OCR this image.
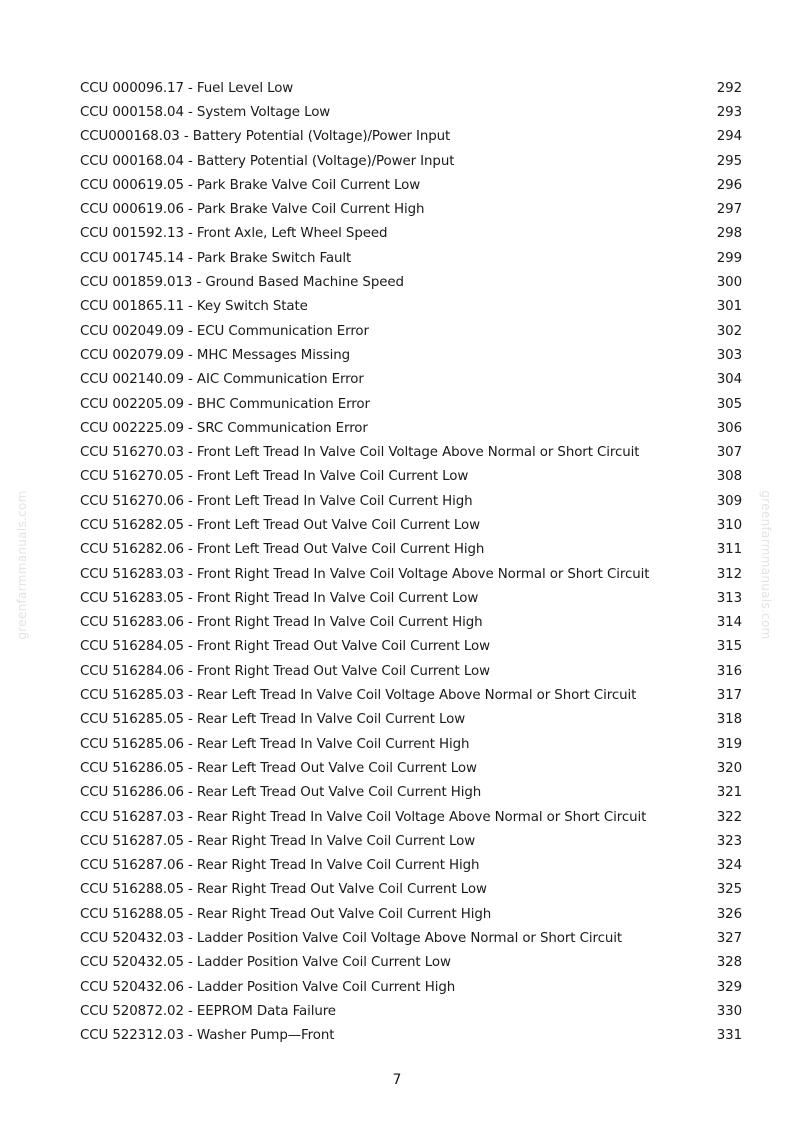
CCU 000096.17 - Fuel Level Low	292
CCU 000158.04 - System Voltage Low	293
CCU000168.03 - Battery Potential (Voltage)/Power Input	294
CCU 000168.04 - Battery Potential (Voltage)/Power Input	295
CCU 000619.05 - Park Brake Valve Coil Current Low	296
CCU 000619.06 - Park Brake Valve Coil Current High	297
CCU 001592.13 - Front Axle, Left Wheel Speed	298
CCU 001745.14 - Park Brake Switch Fault	299
CCU 001859.013 - Ground Based Machine Speed	300
CCU 001865.11 - Key Switch State	301
CCU 002049.09 - ECU Communication Error	302
CCU 002079.09 - MHC Messages Missing	303
CCU 002140.09 - AIC Communication Error	304
CCU 002205.09 - BHC Communication Error	305
CCU 002225.09 - SRC Communication Error	306
CCU 516270.03 - Front Left Tread In Valve Coil Voltage Above Normal or Short Circuit	307
CCU 516270.05 - Front Left Tread In Valve Coil Current Low	308
CCU 516270.06 - Front Left Tread In Valve Coil Current High	309
CCU 516282.05 - Front Left Tread Out Valve Coil Current Low	310
CCU 516282.06 - Front Left Tread Out Valve Coil Current High	311
CCU 516283.03 - Front Right Tread In Valve Coil Voltage Above Normal or Short Circuit	312
CCU 516283.05 - Front Right Tread In Valve Coil Current Low	313
CCU 516283.06 - Front Right Tread In Valve Coil Current High	314
CCU 516284.05 - Front Right Tread Out Valve Coil Current Low	315
CCU 516284.06 - Front Right Tread Out Valve Coil Current Low	316
CCU 516285.03 - Rear Left Tread In Valve Coil Voltage Above Normal or Short Circuit	317
CCU 516285.05 - Rear Left Tread In Valve Coil Current Low	318
CCU 516285.06 - Rear Left Tread In Valve Coil Current High	319
CCU 516286.05 - Rear Left Tread Out Valve Coil Current Low	320
CCU 516286.06 - Rear Left Tread Out Valve Coil Current High	321
CCU 516287.03 - Rear Right Tread In Valve Coil Voltage Above Normal or Short Circuit	322
CCU 516287.05 - Rear Right Tread In Valve Coil Current Low	323
CCU 516287.06 - Rear Right Tread In Valve Coil Current High	324
CCU 516288.05 - Rear Right Tread Out Valve Coil Current Low	325
CCU 516288.05 - Rear Right Tread Out Valve Coil Current High	326
CCU 520432.03 - Ladder Position Valve Coil Voltage Above Normal or Short Circuit	327
CCU 520432.05 - Ladder Position Valve Coil Current Low	328
CCU 520432.06 - Ladder Position Valve Coil Current High	329
CCU 520872.02 - EEPROM Data Failure	330
CCU 522312.03 - Washer Pump—Front	331
7
greenfarmmanuals.com	greenfarmmanuals.com
